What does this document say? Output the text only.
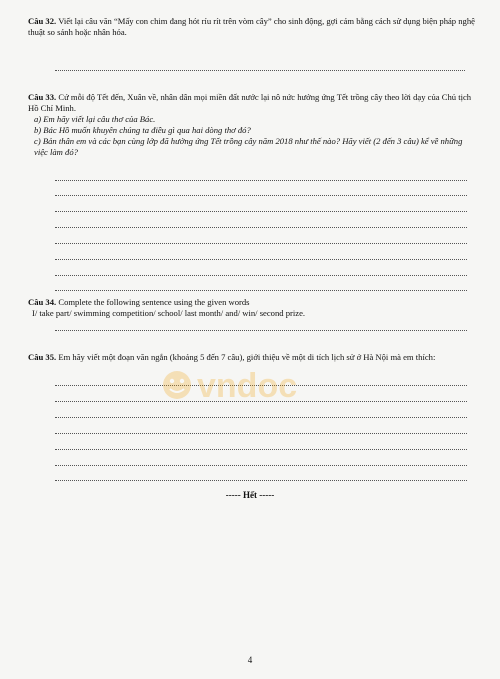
Câu 32. Viết lại câu văn “Mấy con chim đang hót ríu rít trên vòm cây” cho sinh động, gợi cảm bằng cách sử dụng biện pháp nghệ thuật so sánh hoặc nhân hóa.
Câu 33. Cứ mỗi độ Tết đến, Xuân về, nhân dân mọi miền đất nước lại nô nức hưởng ứng Tết trồng cây theo lời dạy của Chủ tịch Hồ Chí Minh.
a) Em hãy viết lại câu thơ của Bác.
b) Bác Hồ muốn khuyên chúng ta điều gì qua hai dòng thơ đó?
c) Bản thân em và các bạn cùng lớp đã hưởng ứng Tết trồng cây năm 2018 như thế nào? Hãy viết (2 đến 3 câu) kể về những việc làm đó?
Câu 34. Complete the following sentence using the given words
I/ take part/ swimming competition/ school/ last month/ and/ win/ second prize.
Câu 35. Em hãy viết một đoạn văn ngắn (khoảng 5 đến 7 câu), giới thiệu về một di tích lịch sử ở Hà Nội mà em thích:
vndoc
----- Hết -----
4
